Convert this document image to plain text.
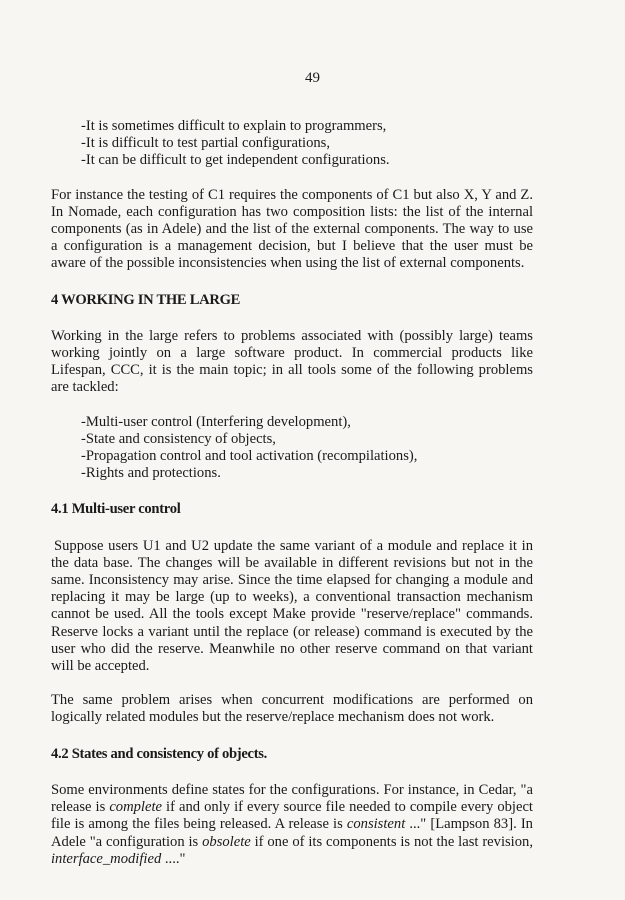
49
-It is sometimes difficult to explain to programmers,
-It is difficult to test partial configurations,
-It can be difficult to get independent configurations.

For instance the testing of C1 requires the components of C1 but also X, Y and Z. In Nomade, each configuration has two composition lists: the list of the internal components (as in Adele) and the list of the external components. The way to use a configuration is a management decision, but I believe that the user must be aware of the possible inconsistencies when using the list of external components.

4 WORKING IN THE LARGE

Working in the large refers to problems associated with (possibly large) teams working jointly on a large software product. In commercial products like Lifespan, CCC, it is the main topic; in all tools some of the following problems are tackled:

-Multi-user control (Interfering development),
-State and consistency of objects,
-Propagation control and tool activation (recompilations),
-Rights and protections.
4.1 Multi-user control

Suppose users U1 and U2 update the same variant of a module and replace it in the data base. The changes will be available in different revisions but not in the same. Inconsistency may arise. Since the time elapsed for changing a module and replacing it may be large (up to weeks), a conventional transaction mechanism cannot be used. All the tools except Make provide "reserve/replace" commands. Reserve locks a variant until the replace (or release) command is executed by the user who did the reserve. Meanwhile no other reserve command on that variant will be accepted.

The same problem arises when concurrent modifications are performed on logically related modules but the reserve/replace mechanism does not work.

4.2 States and consistency of objects.

Some environments define states for the configurations. For instance, in Cedar, "a release is complete if and only if every source file needed to compile every object file is among the files being released. A release is consistent ..." [Lampson 83]. In Adele "a configuration is obsolete if one of its components is not the last revision, interface_modified ...."
